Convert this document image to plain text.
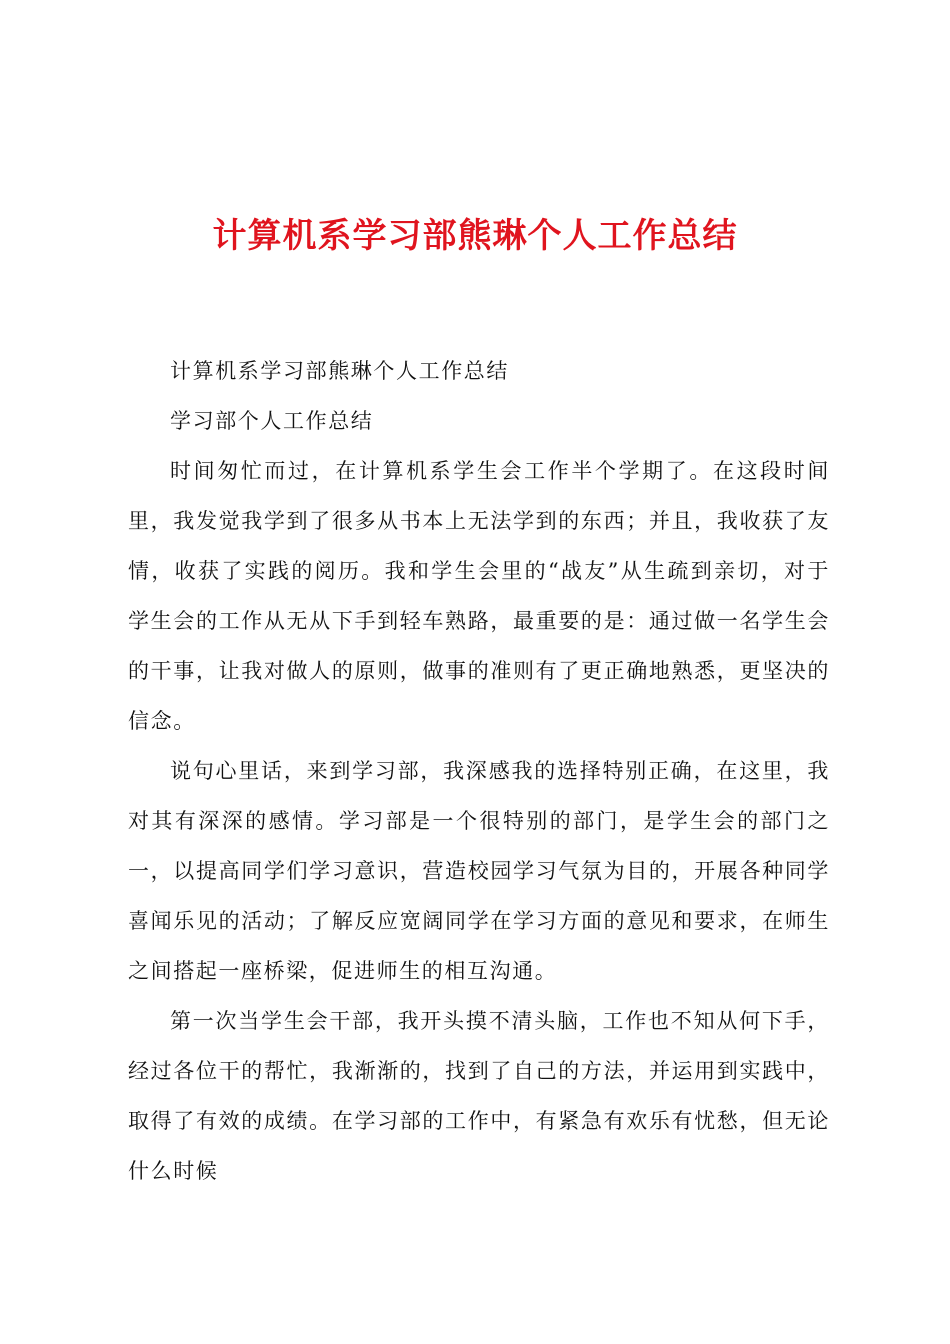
计算机系学习部熊琳个人工作总结

计算机系学习部熊琳个人工作总结

学习部个人工作总结

时间匆忙而过，在计算机系学生会工作半个学期了。在这段时间里，我发觉我学到了很多从书本上无法学到的东西；并且，我收获了友情，收获了实践的阅历。我和学生会里的“战友”从生疏到亲切，对于学生会的工作从无从下手到轻车熟路，最重要的是：通过做一名学生会的干事，让我对做人的原则，做事的准则有了更正确地熟悉，更坚决的信念。

说句心里话，来到学习部，我深感我的选择特别正确，在这里，我对其有深深的感情。学习部是一个很特别的部门，是学生会的部门之一，以提高同学们学习意识，营造校园学习气氛为目的，开展各种同学喜闻乐见的活动；了解反应宽阔同学在学习方面的意见和要求，在师生之间搭起一座桥梁，促进师生的相互沟通。

第一次当学生会干部，我开头摸不清头脑，工作也不知从何下手，经过各位干的帮忙，我渐渐的，找到了自己的方法，并运用到实践中，取得了有效的成绩。在学习部的工作中，有紧急有欢乐有忧愁，但无论什么时候
